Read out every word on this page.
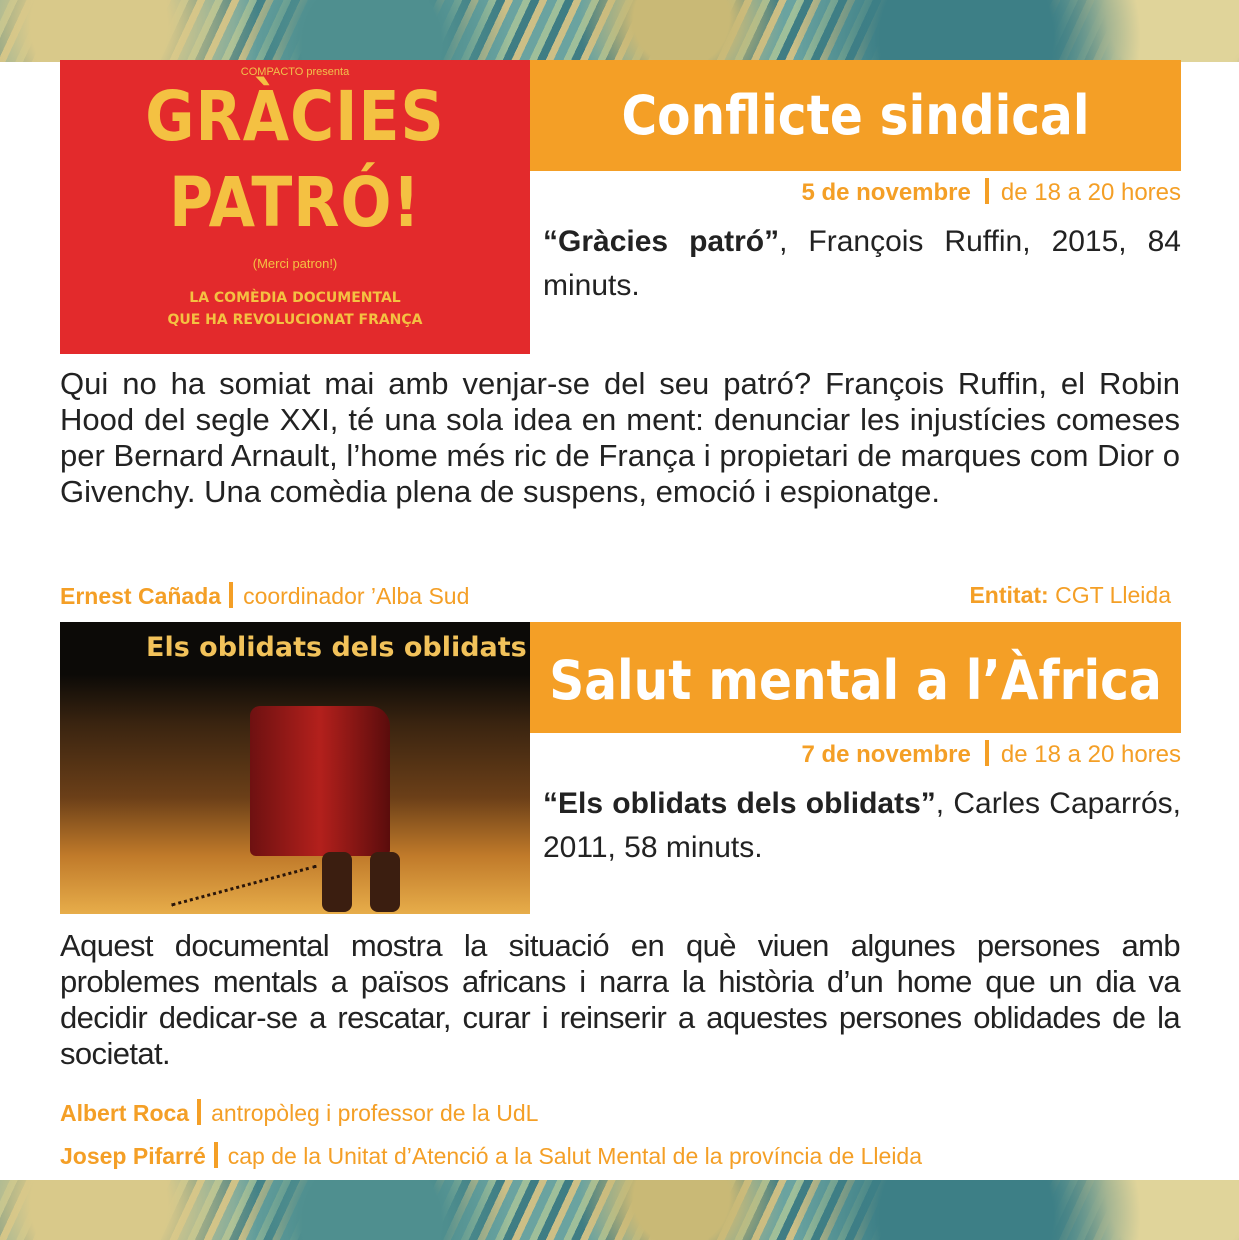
COMPACTO presenta
GRÀCIES
PATRÓ!
(Merci patron!)
LA COMÈDIA DOCUMENTAL
QUE HA REVOLUCIONAT FRANÇA
Conflicte sindical
5 de novembre de 18 a 20 hores
“Gràcies patró”, François Ruffin, 2015, 84 minuts.
Qui no ha somiat mai amb venjar-se del seu patró? François Ruffin, el Robin Hood del segle XXI, té una sola idea en ment: denunciar les injustícies comeses per Bernard Arnault, l’home més ric de França i propietari de marques com Dior o Givenchy. Una comèdia plena de suspens, emoció i espionatge.
Ernest Cañada coordinador ’Alba Sud	Entitat: CGT Lleida
Els oblidats dels oblidats
Salut mental a l’Àfrica
7 de novembre de 18 a 20 hores
“Els oblidats dels oblidats”, Carles Caparrós, 2011, 58 minuts.
Aquest documental mostra la situació en què viuen algunes persones amb problemes mentals a països africans i narra la història d’un home que un dia va decidir dedicar-se a rescatar, curar i reinserir a aquestes persones oblidades de la societat.
Albert Roca antropòleg i professor de la UdL
Josep Pifarré cap de la Unitat d’Atenció a la Salut Mental de la província de Lleida
